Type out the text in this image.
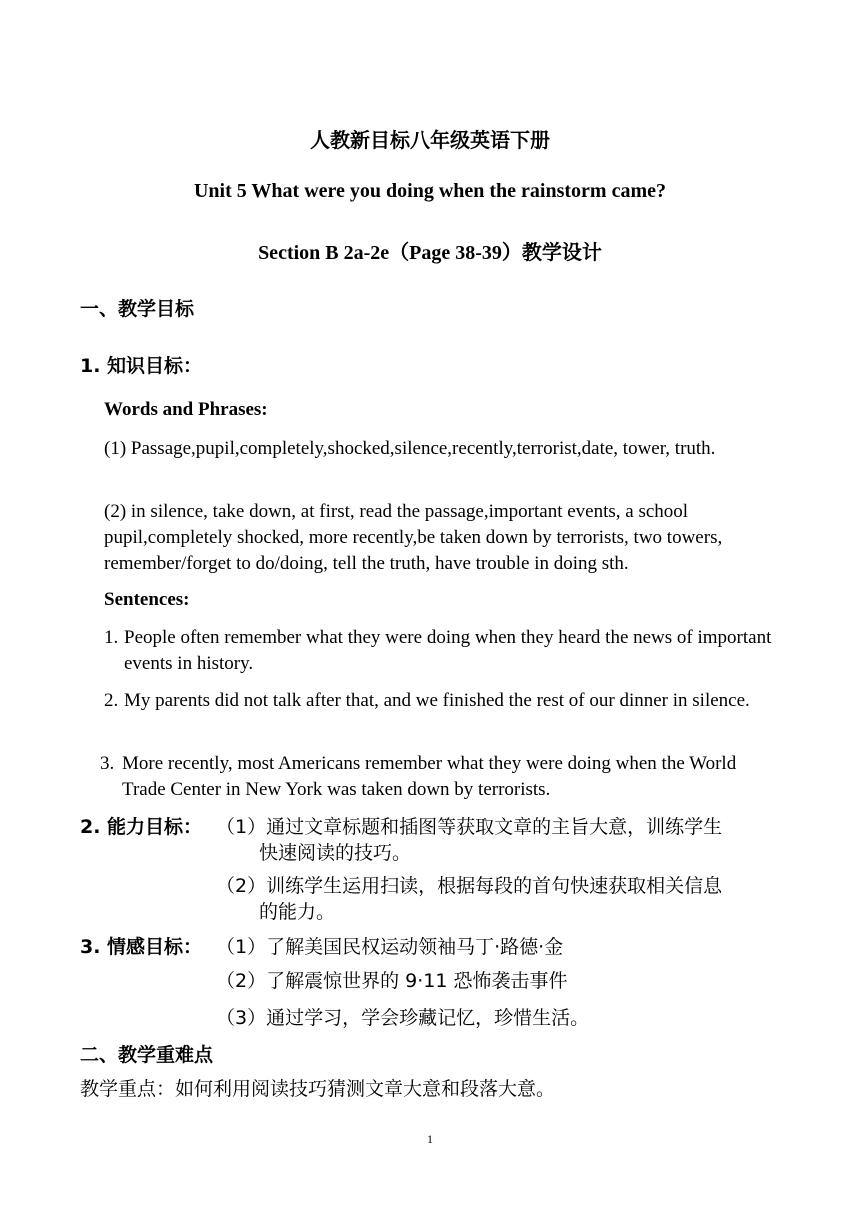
人教新目标八年级英语下册
Unit 5 What were you doing when the rainstorm came?
Section B 2a-2e（Page 38-39）教学设计
一、教学目标
1. 知识目标：
Words and Phrases:
(1) Passage,pupil,completely,shocked,silence,recently,terrorist,date, tower, truth.
(2) in silence, take down, at first, read the passage,important events, a school pupil,completely shocked, more recently,be taken down by terrorists, two towers, remember/forget to do/doing, tell the truth, have trouble in doing sth.
Sentences:
1. People often remember what they were doing when they heard the news of important events in history.
2. My parents did not talk after that, and we finished the rest of our dinner in silence.
3. More recently, most Americans remember what they were doing when the World Trade Center in New York was taken down by terrorists.
2. 能力目标： （1）通过文章标题和插图等获取文章的主旨大意，训练学生
快速阅读的技巧。
（2）训练学生运用扫读，根据每段的首句快速获取相关信息
的能力。
3. 情感目标： （1）了解美国民权运动领袖马丁·路德·金
（2）了解震惊世界的 9·11 恐怖袭击事件
（3）通过学习，学会珍藏记忆，珍惜生活。
二、教学重难点
教学重点：如何利用阅读技巧猜测文章大意和段落大意。
1
